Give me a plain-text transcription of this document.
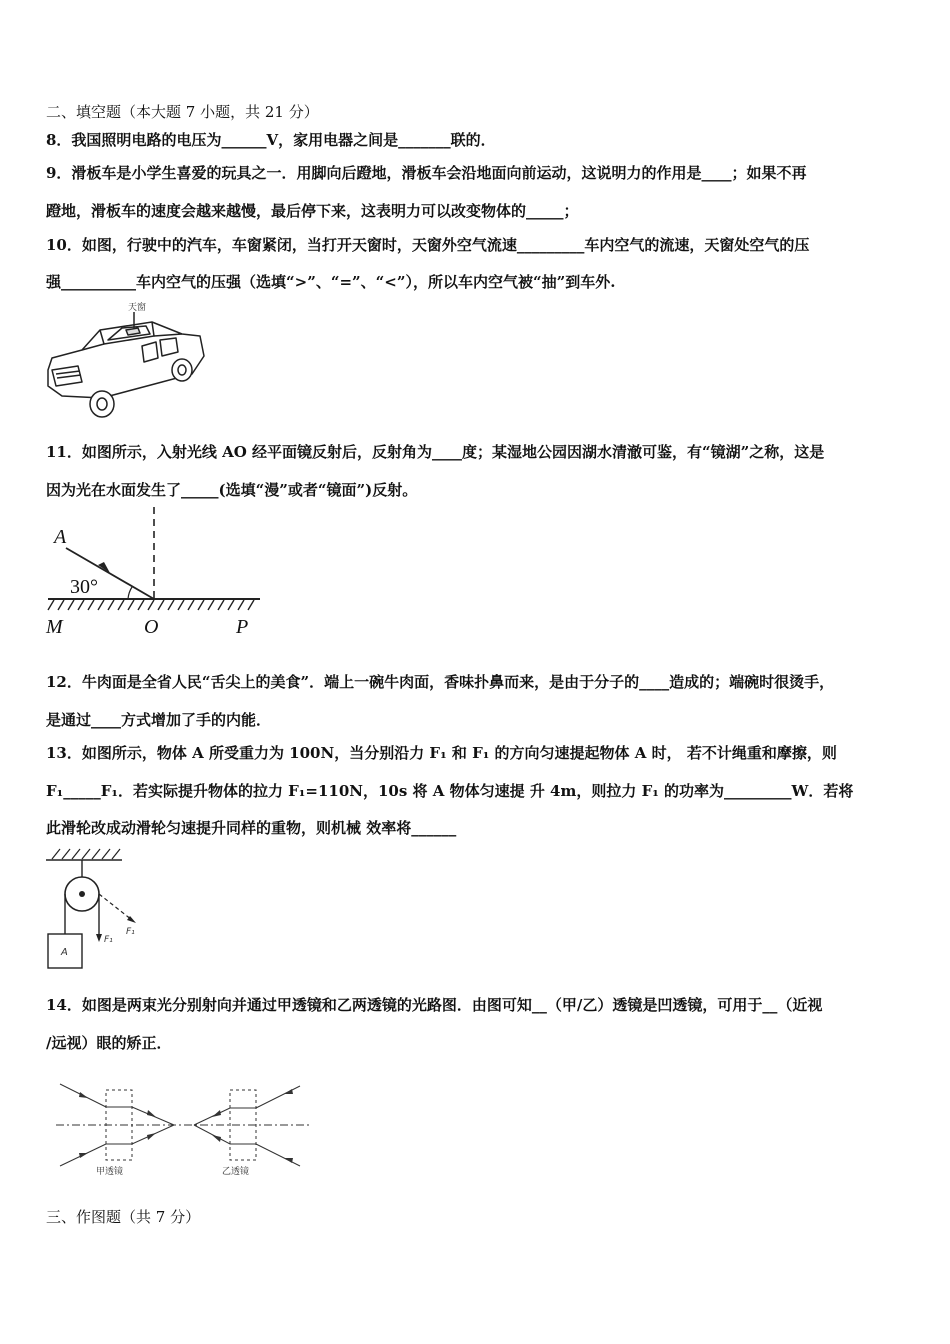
二、填空题（本大题 7 小题，共 21 分）
8．我国照明电路的电压为______V，家用电器之间是_______联的．
9．滑板车是小学生喜爱的玩具之一．用脚向后蹬地，滑板车会沿地面向前运动，这说明力的作用是____；如果不再
蹬地，滑板车的速度会越来越慢，最后停下来，这表明力可以改变物体的_____；
10．如图，行驶中的汽车，车窗紧闭，当打开天窗时，天窗外空气流速_________车内空气的流速，天窗处空气的压
强__________车内空气的压强（选填“>”、“=”、“<”），所以车内空气被“抽”到车外.
天窗
11．如图所示，入射光线 AO 经平面镜反射后，反射角为____度；某湿地公园因湖水清澈可鉴，有“镜湖”之称，这是
因为光在水面发生了_____(选填“漫”或者“镜面”)反射。
A
30°
M	O	P
12．牛肉面是全省人民“舌尖上的美食”．端上一碗牛肉面，香味扑鼻而来，是由于分子的____造成的；端碗时很烫手，
是通过____方式增加了手的内能．
13．如图所示，物体 A 所受重力为 100N，当分别沿力 F₁ 和 F₁ 的方向匀速提起物体 A 时， 若不计绳重和摩擦，则
F₁_____F₁．若实际提升物体的拉力 F₁=110N，10s 将 A 物体匀速提 升 4m，则拉力 F₁ 的功率为_________W．若将
此滑轮改成动滑轮匀速提升同样的重物，则机械 效率将______
A
F₁
F₁
14．如图是两束光分别射向并通过甲透镜和乙两透镜的光路图．由图可知__（甲/乙）透镜是凹透镜，可用于__（近视
/远视）眼的矫正．
甲透镜	乙透镜
三、作图题（共 7 分）
